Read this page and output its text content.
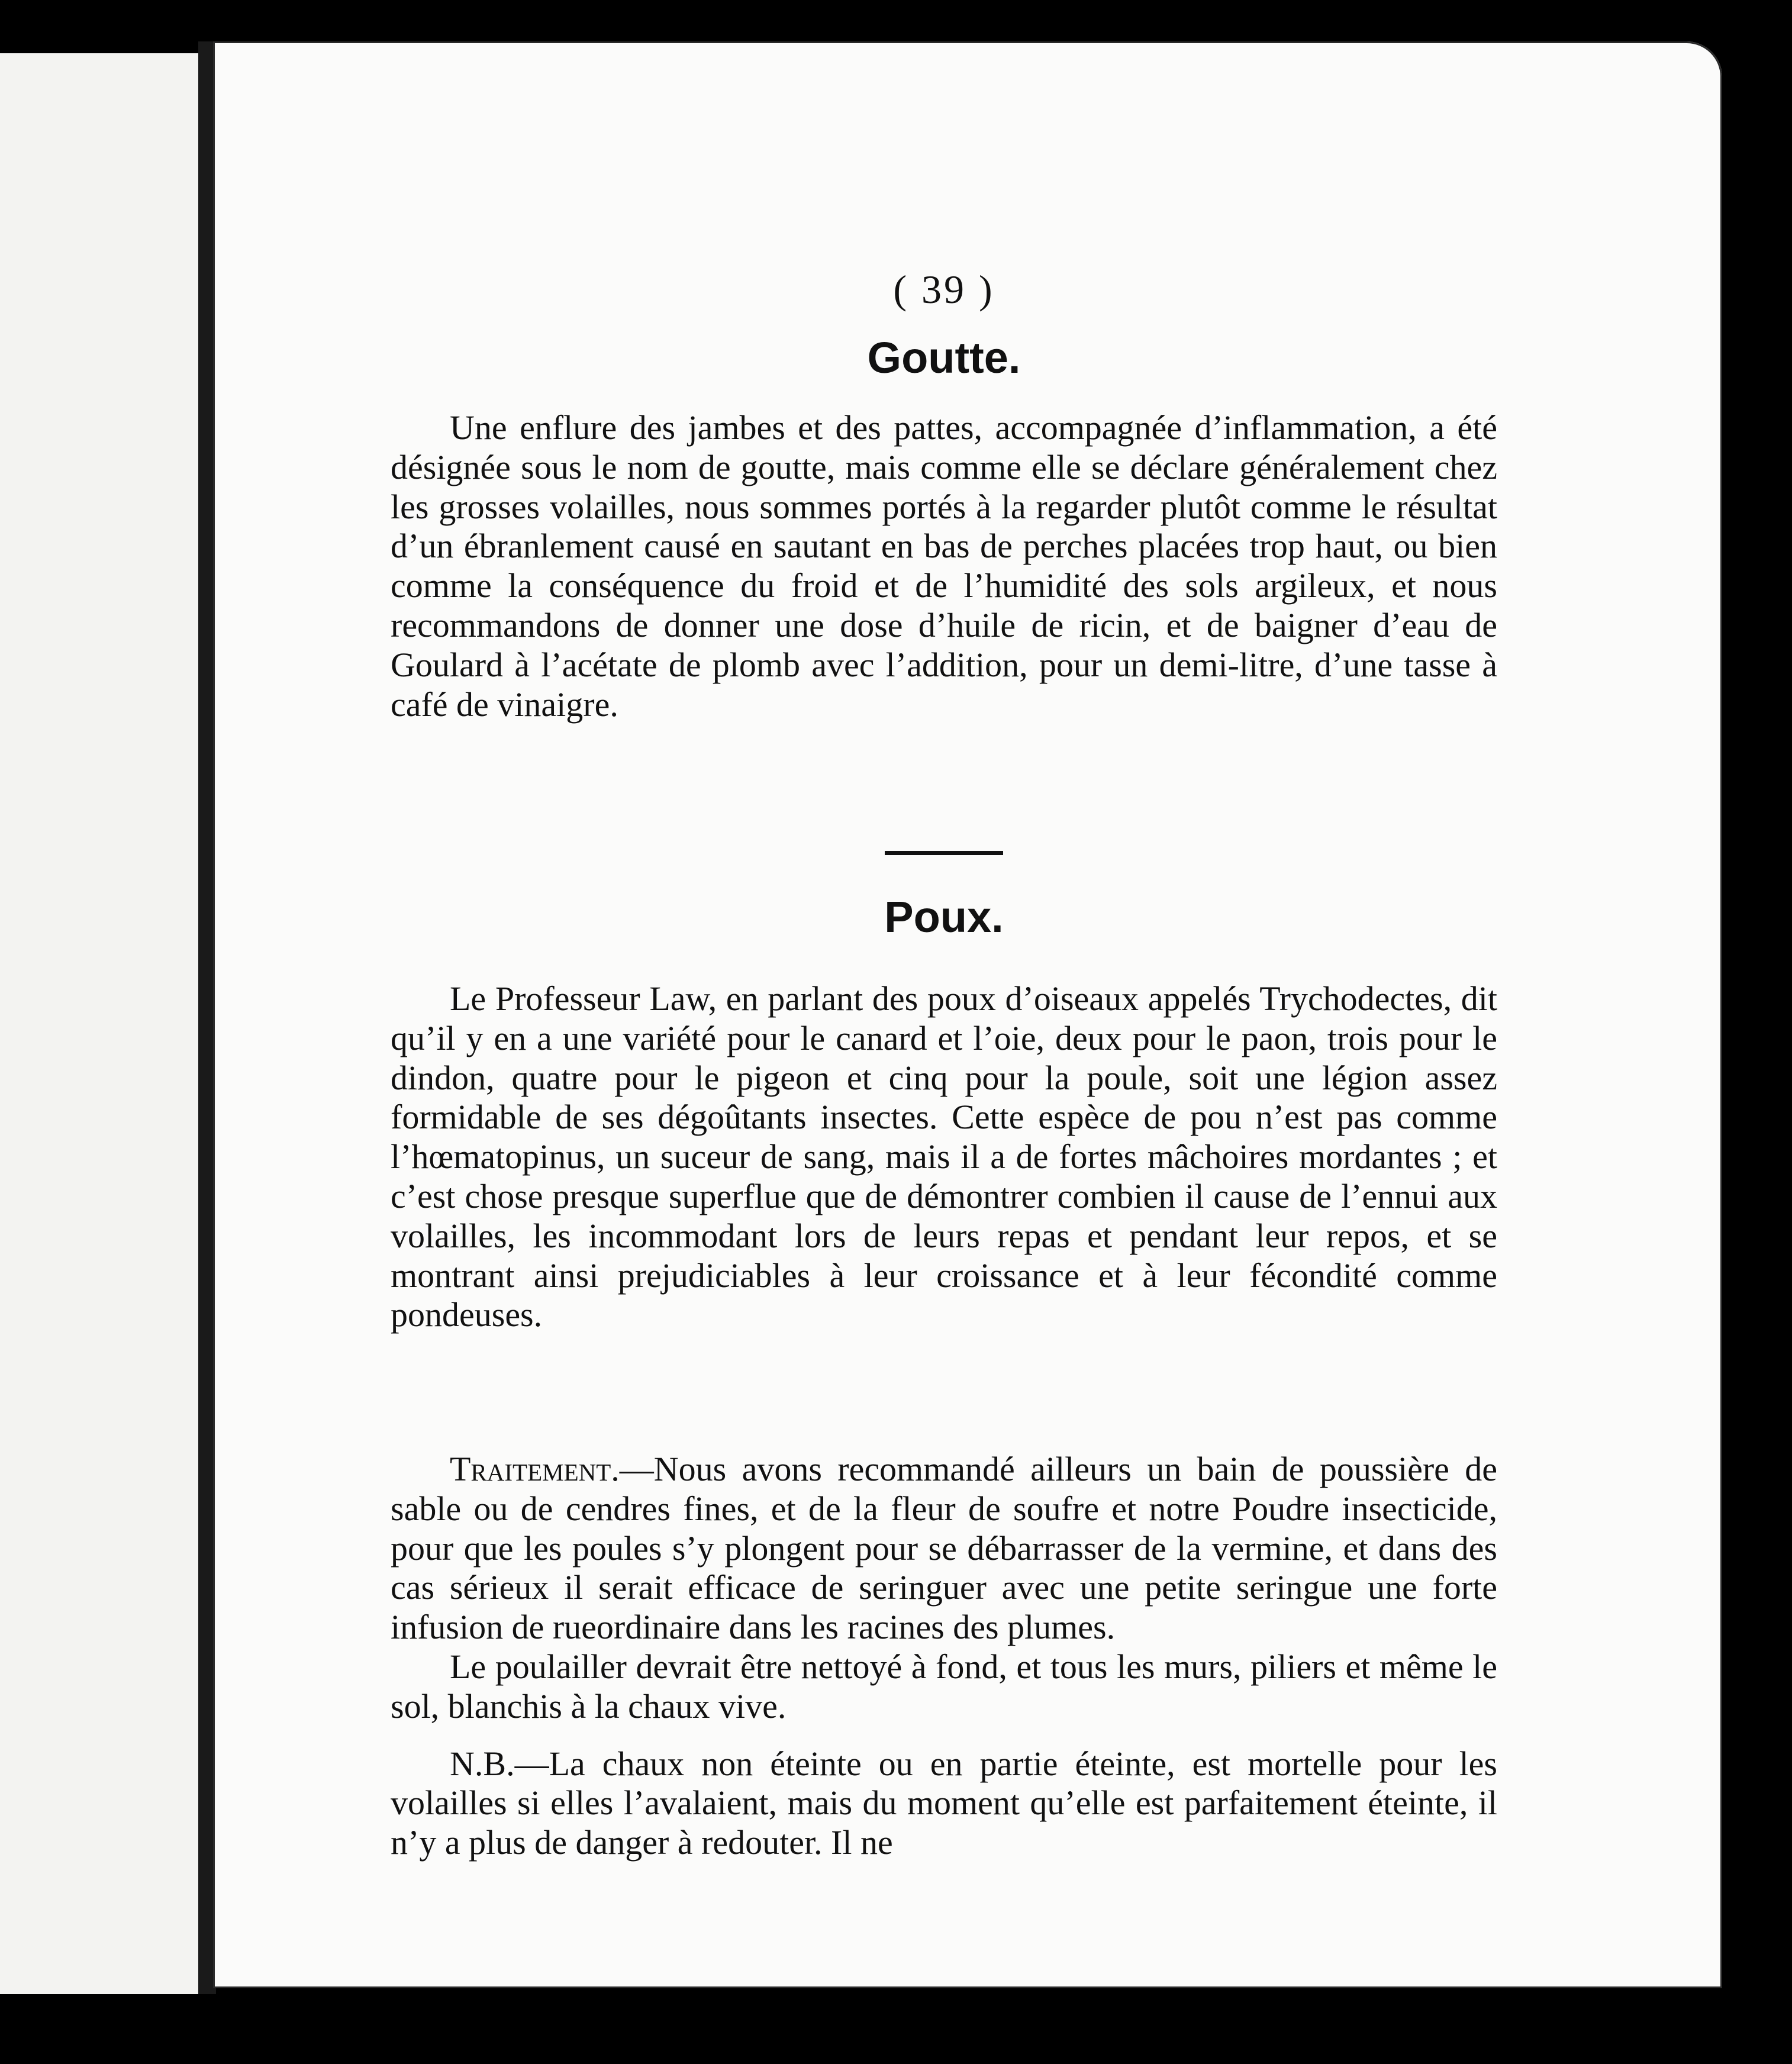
( 39 )
Goutte.

Une enflure des jambes et des pattes, accompagnée d’inflammation, a été désignée sous le nom de goutte, mais comme elle se déclare généralement chez les grosses volailles, nous sommes portés à la regarder plutôt comme le résultat d’un ébranlement causé en sautant en bas de perches placées trop haut, ou bien comme la conséquence du froid et de l’humidité des sols argileux, et nous recommandons de donner une dose d’huile de ricin, et de baigner d’eau de Goulard à l’acétate de plomb avec l’addition, pour un demi-litre, d’une tasse à café de vinaigre.

Poux.

Le Professeur Law, en parlant des poux d’oiseaux appelés Trychodectes, dit qu’il y en a une variété pour le canard et l’oie, deux pour le paon, trois pour le dindon, quatre pour le pigeon et cinq pour la poule, soit une légion assez formidable de ses dégoûtants insectes. Cette espèce de pou n’est pas comme l’hœmatopinus, un suceur de sang, mais il a de fortes mâchoires mordantes ; et c’est chose presque superflue que de démontrer combien il cause de l’ennui aux volailles, les incommodant lors de leurs repas et pendant leur repos, et se montrant ainsi prejudiciables à leur croissance et à leur fécondité comme pondeuses.

Traitement.—Nous avons recommandé ailleurs un bain de poussière de sable ou de cendres fines, et de la fleur de soufre et notre Poudre insecticide, pour que les poules s’y plongent pour se débarrasser de la vermine, et dans des cas sérieux il serait efficace de seringuer avec une petite seringue une forte infusion de rueordinaire dans les racines des plumes.

Le poulailler devrait être nettoyé à fond, et tous les murs, piliers et même le sol, blanchis à la chaux vive.

N.B.—La chaux non éteinte ou en partie éteinte, est mortelle pour les volailles si elles l’avalaient, mais du moment qu’elle est parfaitement éteinte, il n’y a plus de danger à redouter. Il ne
